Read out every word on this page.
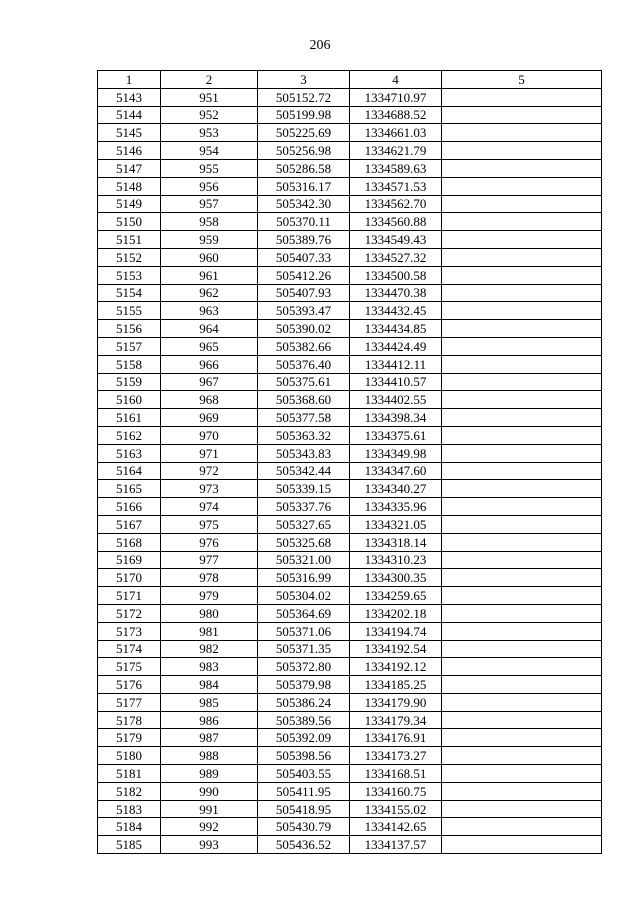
206
1	2	3	4	5
5143	951	505152.72	1334710.97	
5144	952	505199.98	1334688.52	
5145	953	505225.69	1334661.03	
5146	954	505256.98	1334621.79	
5147	955	505286.58	1334589.63	
5148	956	505316.17	1334571.53	
5149	957	505342.30	1334562.70	
5150	958	505370.11	1334560.88	
5151	959	505389.76	1334549.43	
5152	960	505407.33	1334527.32	
5153	961	505412.26	1334500.58	
5154	962	505407.93	1334470.38	
5155	963	505393.47	1334432.45	
5156	964	505390.02	1334434.85	
5157	965	505382.66	1334424.49	
5158	966	505376.40	1334412.11	
5159	967	505375.61	1334410.57	
5160	968	505368.60	1334402.55	
5161	969	505377.58	1334398.34	
5162	970	505363.32	1334375.61	
5163	971	505343.83	1334349.98	
5164	972	505342.44	1334347.60	
5165	973	505339.15	1334340.27	
5166	974	505337.76	1334335.96	
5167	975	505327.65	1334321.05	
5168	976	505325.68	1334318.14	
5169	977	505321.00	1334310.23	
5170	978	505316.99	1334300.35	
5171	979	505304.02	1334259.65	
5172	980	505364.69	1334202.18	
5173	981	505371.06	1334194.74	
5174	982	505371.35	1334192.54	
5175	983	505372.80	1334192.12	
5176	984	505379.98	1334185.25	
5177	985	505386.24	1334179.90	
5178	986	505389.56	1334179.34	
5179	987	505392.09	1334176.91	
5180	988	505398.56	1334173.27	
5181	989	505403.55	1334168.51	
5182	990	505411.95	1334160.75	
5183	991	505418.95	1334155.02	
5184	992	505430.79	1334142.65	
5185	993	505436.52	1334137.57	
